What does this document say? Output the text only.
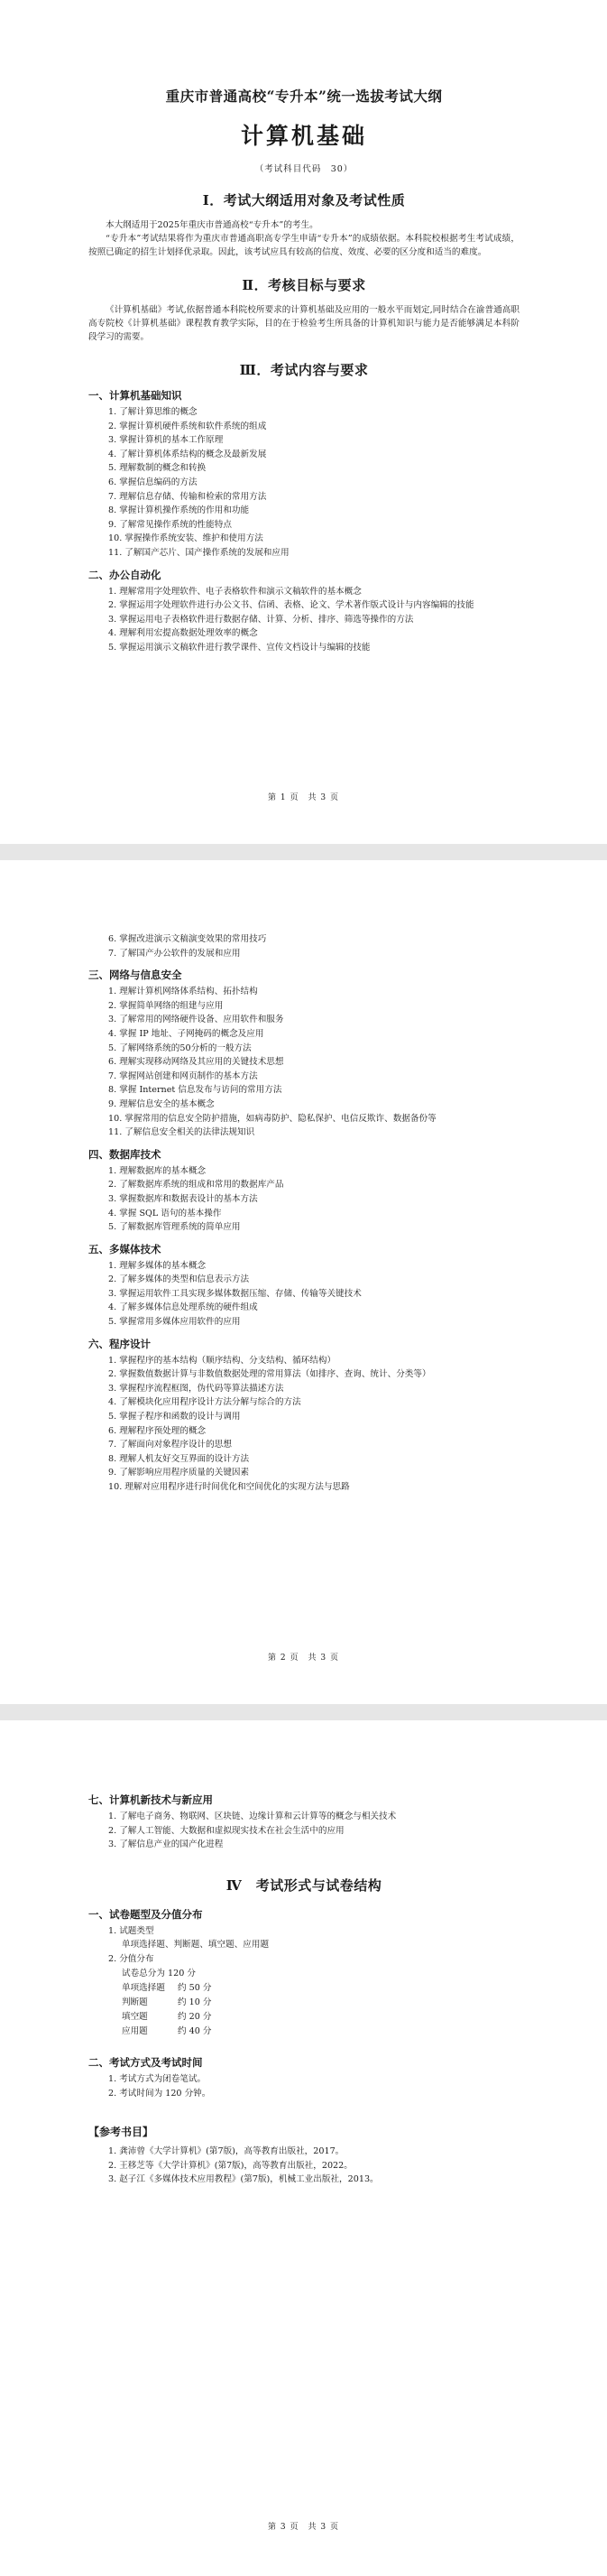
重庆市普通高校“专升本”统一选拔考试大纲
计算机基础
（考试科目代码　30）
Ⅰ．考试大纲适用对象及考试性质

本大纲适用于2025年重庆市普通高校“专升本”的考生。

“专升本”考试结果将作为重庆市普通高职高专学生申请“专升本”的成绩依据。本科院校根据考生考试成绩，按照已确定的招生计划择优录取。因此，该考试应具有较高的信度、效度、必要的区分度和适当的难度。

Ⅱ．考核目标与要求

《计算机基础》考试,依据普通本科院校所要求的计算机基础及应用的一般水平而划定,同时结合在渝普通高职高专院校《计算机基础》课程教育教学实际，目的在于检验考生所具备的计算机知识与能力是否能够满足本科阶段学习的需要。

Ⅲ．考试内容与要求
一、计算机基础知识

1. 了解计算思维的概念

2. 掌握计算机硬件系统和软件系统的组成

3. 掌握计算机的基本工作原理

4. 了解计算机体系结构的概念及最新发展

5. 理解数制的概念和转换

6. 掌握信息编码的方法

7. 理解信息存储、传输和检索的常用方法

8. 掌握计算机操作系统的作用和功能

9. 了解常见操作系统的性能特点

10. 掌握操作系统安装、维护和使用方法

11. 了解国产芯片、国产操作系统的发展和应用

二、办公自动化

1. 理解常用字处理软件、电子表格软件和演示文稿软件的基本概念

2. 掌握运用字处理软件进行办公文书、信函、表格、论文、学术著作版式设计与内容编辑的技能

3. 掌握运用电子表格软件进行数据存储、计算、分析、排序、筛选等操作的方法

4. 理解利用宏提高数据处理效率的概念

5. 掌握运用演示文稿软件进行教学课件、宣传文档设计与编辑的技能

第 1 页　共 3 页

6. 掌握改进演示文稿演变效果的常用技巧

7. 了解国产办公软件的发展和应用

三、网络与信息安全

1. 理解计算机网络体系结构、拓扑结构

2. 掌握简单网络的组建与应用

3. 了解常用的网络硬件设备、应用软件和服务

4. 掌握 IP 地址、子网掩码的概念及应用

5. 了解网络系统的50分析的一般方法

6. 理解实现移动网络及其应用的关键技术思想

7. 掌握网站创建和网页制作的基本方法

8. 掌握 Internet 信息发布与访问的常用方法

9. 理解信息安全的基本概念

10. 掌握常用的信息安全防护措施，如病毒防护、隐私保护、电信反欺诈、数据备份等

11. 了解信息安全相关的法律法规知识

四、数据库技术

1. 理解数据库的基本概念

2. 了解数据库系统的组成和常用的数据库产品

3. 掌握数据库和数据表设计的基本方法

4. 掌握 SQL 语句的基本操作

5. 了解数据库管理系统的简单应用

五、多媒体技术

1. 理解多媒体的基本概念

2. 了解多媒体的类型和信息表示方法

3. 掌握运用软件工具实现多媒体数据压缩、存储、传输等关键技术

4. 了解多媒体信息处理系统的硬件组成

5. 掌握常用多媒体应用软件的应用

六、程序设计

1. 掌握程序的基本结构（顺序结构、分支结构、循环结构）

2. 掌握数值数据计算与非数值数据处理的常用算法（如排序、查询、统计、分类等）

3. 掌握程序流程框图，伪代码等算法描述方法

4. 了解模块化应用程序设计方法分解与综合的方法

5. 掌握子程序和函数的设计与调用

6. 理解程序预处理的概念

7. 了解面向对象程序设计的思想

8. 理解人机友好交互界面的设计方法

9. 了解影响应用程序质量的关键因素

10. 理解对应用程序进行时间优化和空间优化的实现方法与思路

第 2 页　共 3 页
七、计算机新技术与新应用

1. 了解电子商务、物联网、区块链、边缘计算和云计算等的概念与相关技术

2. 了解人工智能、大数据和虚拟现实技术在社会生活中的应用

3. 了解信息产业的国产化进程

Ⅳ　考试形式与试卷结构
一、试卷题型及分值分布

1. 试题类型

单项选择题、判断题、填空题、应用题

2. 分值分布

试卷总分为 120 分

单项选择题	约 50 分
判断题	约 10 分
填空题	约 20 分
应用题	约 40 分
二、考试方式及考试时间

1. 考试方式为闭卷笔试。

2. 考试时间为 120 分钟。

【参考书目】

1. 龚沛曾《大学计算机》(第7版)，高等教育出版社，2017。

2. 王移芝等《大学计算机》(第7版)，高等教育出版社，2022。

3. 赵子江《多媒体技术应用教程》(第7版)，机械工业出版社，2013。

第 3 页　共 3 页
